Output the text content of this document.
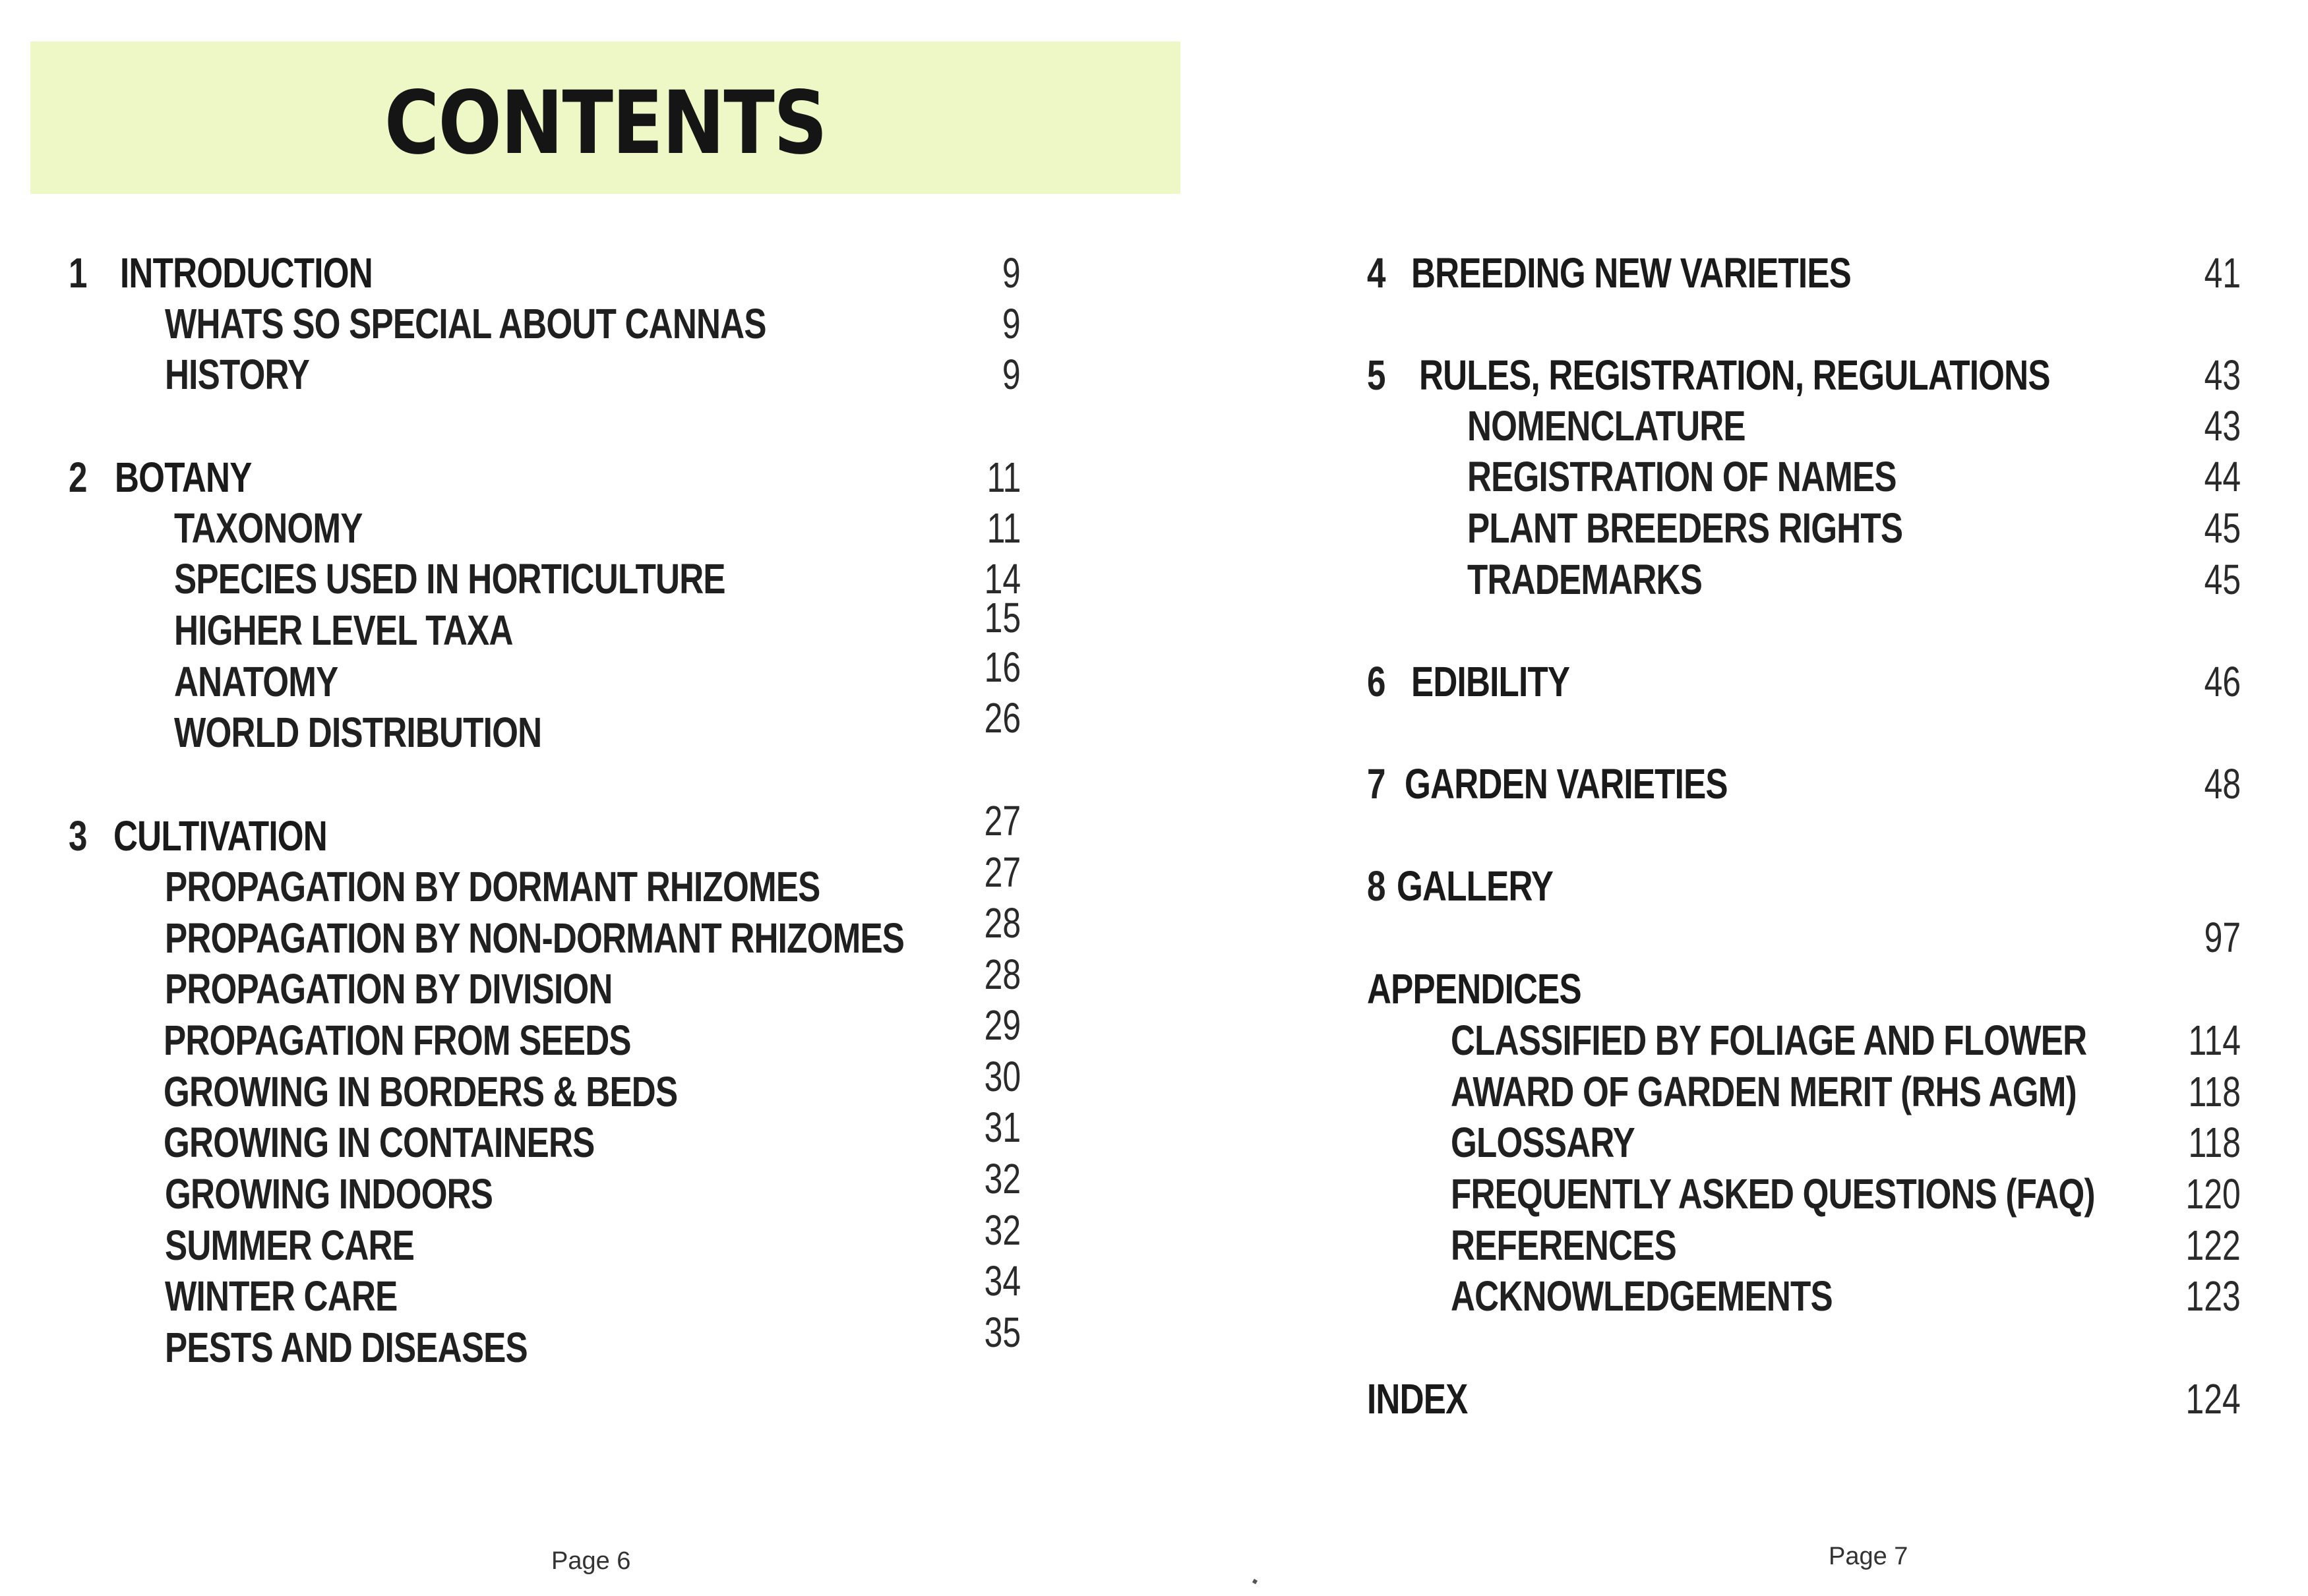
CONTENTS
1 INTRODUCTION	9
WHATS SO SPECIAL ABOUT CANNAS	9
HISTORY	9
2 BOTANY	11
TAXONOMY	11
SPECIES USED IN HORTICULTURE	14
HIGHER LEVEL TAXA	15
ANATOMY	16
WORLD DISTRIBUTION	26
3 CULTIVATION	27
PROPAGATION BY DORMANT RHIZOMES	27
PROPAGATION BY NON-DORMANT RHIZOMES 28
PROPAGATION BY DIVISION	28
PROPAGATION FROM SEEDS	29
GROWING IN BORDERS & BEDS	30
GROWING IN CONTAINERS	31
GROWING INDOORS	32
SUMMER CARE	32
WINTER CARE	34
PESTS AND DISEASES	35
4 BREEDING NEW VARIETIES	41
5 RULES, REGISTRATION, REGULATIONS	43
NOMENCLATURE	43
REGISTRATION OF NAMES	44
PLANT BREEDERS RIGHTS	45
TRADEMARKS	45
6 EDIBILITY	46
7 GARDEN VARIETIES	48
8 GALLERY
97
APPENDICES
CLASSIFIED BY FOLIAGE AND FLOWER 114
AWARD OF GARDEN MERIT (RHS AGM)	118
GLOSSARY	118
FREQUENTLY ASKED QUESTIONS (FAQ) 120
REFERENCES	122
ACKNOWLEDGEMENTS	123
INDEX	124
Page 6	Page 7
